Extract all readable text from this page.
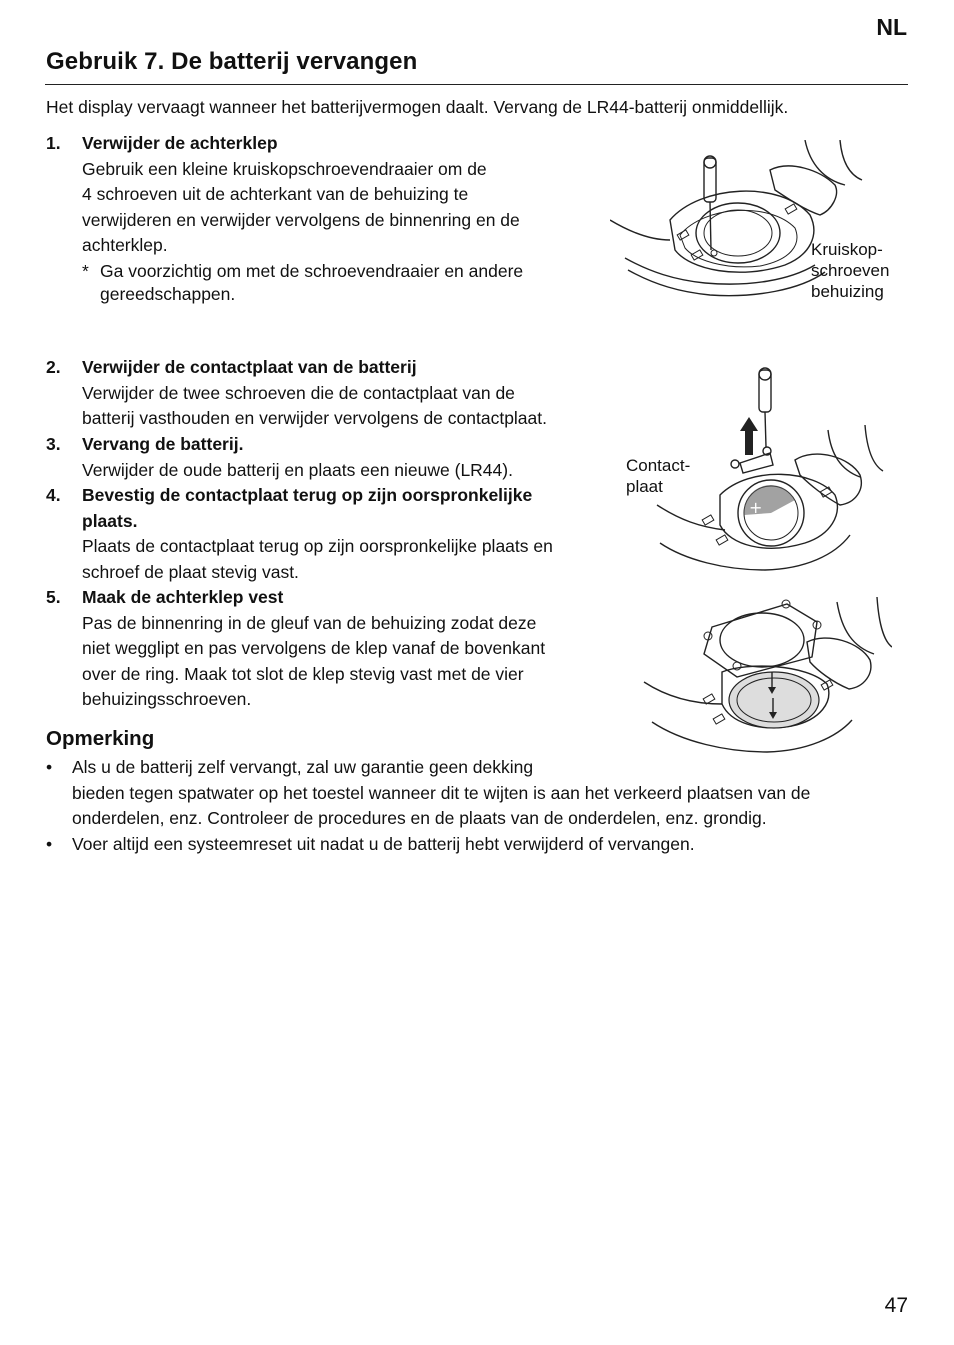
NL
Gebruik 7. De batterij vervangen
Het display vervaagt wanneer het batterijvermogen daalt. Vervang de LR44-batterij onmiddellijk.
1. Verwijder de achterklep
Gebruik een kleine kruiskopschroevendraaier om de
4 schroeven uit de achterkant van de behuizing te
verwijderen en verwijder vervolgens de binnenring en de
achterklep.
* Ga voorzichtig om met de schroevendraaier en andere
gereedschappen.
2. Verwijder de contactplaat van de batterij
Verwijder de twee schroeven die de contactplaat van de
batterij vasthouden en verwijder vervolgens de contactplaat.
3. Vervang de batterij.
Verwijder de oude batterij en plaats een nieuwe (LR44).
4. Bevestig de contactplaat terug op zijn oorspronkelijke
plaats.
Plaats de contactplaat terug op zijn oorspronkelijke plaats en
schroef de plaat stevig vast.
5. Maak de achterklep vest
Pas de binnenring in de gleuf van de behuizing zodat deze
niet wegglipt en pas vervolgens de klep vanaf de bovenkant
over de ring. Maak tot slot de klep stevig vast met de vier
behuizingsschroeven.
Kruiskop-
schroeven
behuizing
+
Contact-
plaat
Opmerking
• Als u de batterij zelf vervangt, zal uw garantie geen dekking
bieden tegen spatwater op het toestel wanneer dit te wijten is aan het verkeerd plaatsen van de
onderdelen, enz. Controleer de procedures en de plaats van de onderdelen, enz. grondig.
• Voer altijd een systeemreset uit nadat u de batterij hebt verwijderd of vervangen.
47
